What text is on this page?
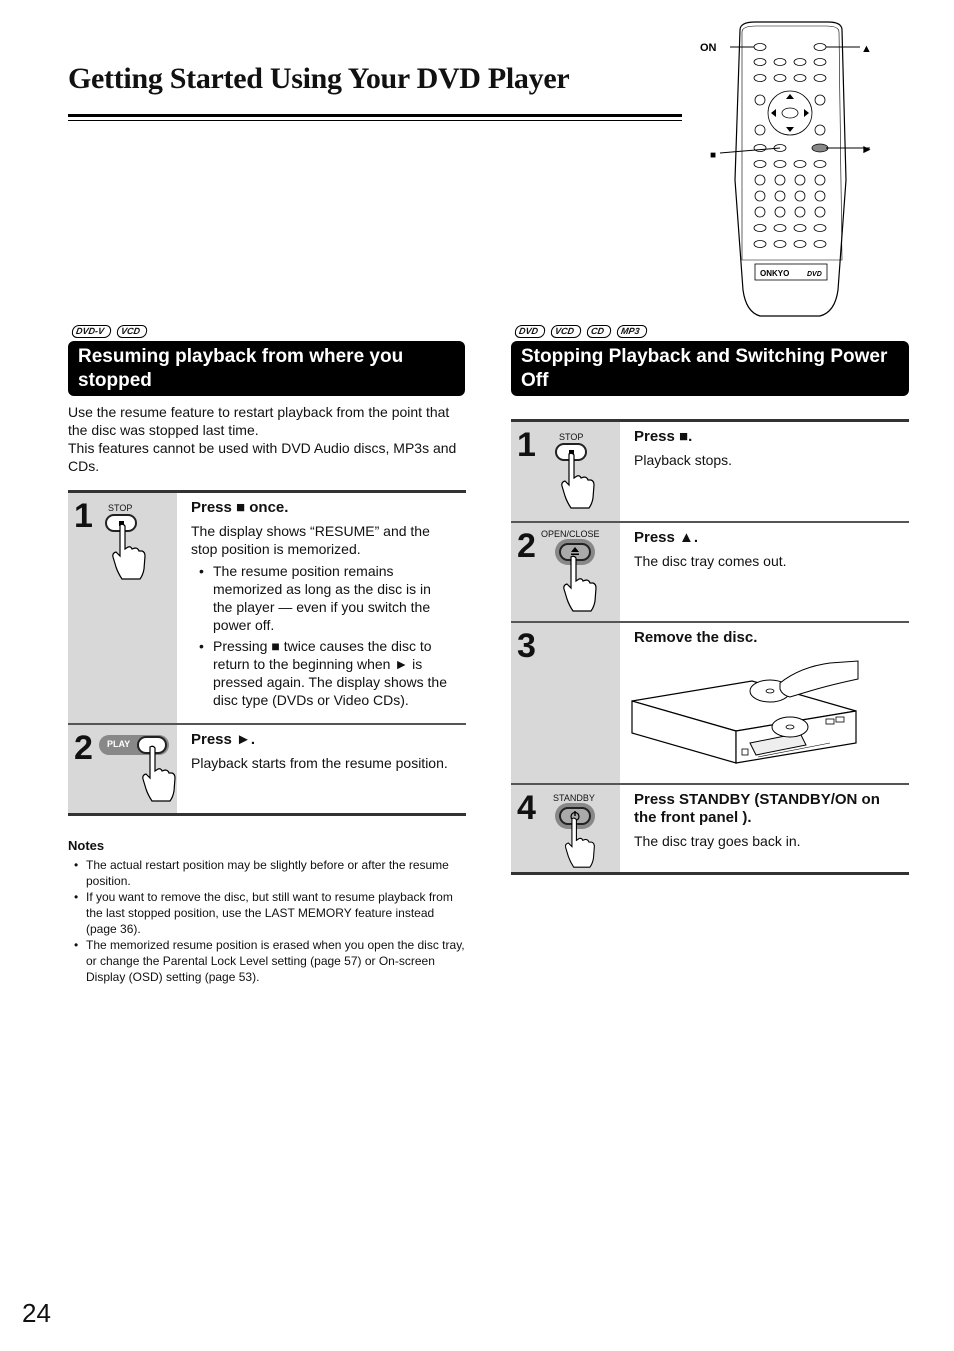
Getting Started Using Your DVD Player
ONKYO	DVD
ON	▲
■	►
DVD-V	VCD
Resuming playback from where you stopped

Use the resume feature to restart playback from the point that the disc was stopped last time.

This features cannot be used with DVD Audio discs, MP3s and CDs.

1 STOP	Press ■ once.
The display shows “RESUME” and the stop position is memorized.
• The resume position remains memorized as long as the disc is in the player — even if you switch the power off.
• Pressing ■ twice causes the disc to return to the beginning when ► is pressed again. The display shows the disc type (DVDs or Video CDs).
2 PLAY	Press ►.
Playback starts from the resume position.
Notes
• The actual restart position may be slightly before or after the resume position.
• If you want to remove the disc, but still want to resume playback from the last stopped position, use the LAST MEMORY feature instead (page 36).
• The memorized resume position is erased when you open the disc tray, or change the Parental Lock Level setting (page 57) or On-screen Display (OSD) setting (page 53).
DVD	VCD	CD	MP3
Stopping Playback and Switching Power Off
1	STOP	Press ■.
Playback stops.
2 OPEN/CLOSE Press ▲.
The disc tray comes out.
3	Remove the disc.
4 STANDBY	Press STANDBY (STANDBY/ON on the front panel ).
The disc tray goes back in.
24
